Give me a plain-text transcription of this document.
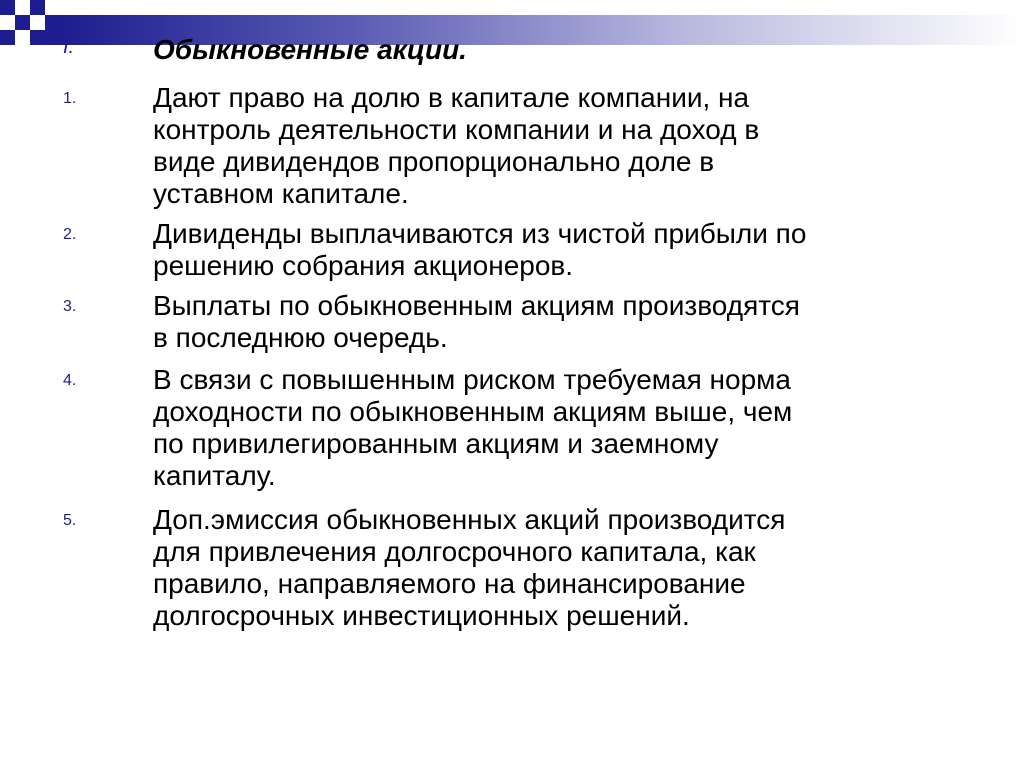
I.	Обыкновенные акции.
1.	Дают право на долю в капитале компании, на
контроль деятельности компании и на доход в
виде дивидендов пропорционально доле в
уставном капитале.
2.	Дивиденды выплачиваются из чистой прибыли по
решению собрания акционеров.
3.	Выплаты по обыкновенным акциям производятся
в последнюю очередь.
4.	В связи с повышенным риском требуемая норма
доходности по обыкновенным акциям выше, чем
по привилегированным акциям и заемному
капиталу.
5.	Доп.эмиссия обыкновенных акций производится
для привлечения долгосрочного капитала, как
правило, направляемого на финансирование
долгосрочных инвестиционных решений.
